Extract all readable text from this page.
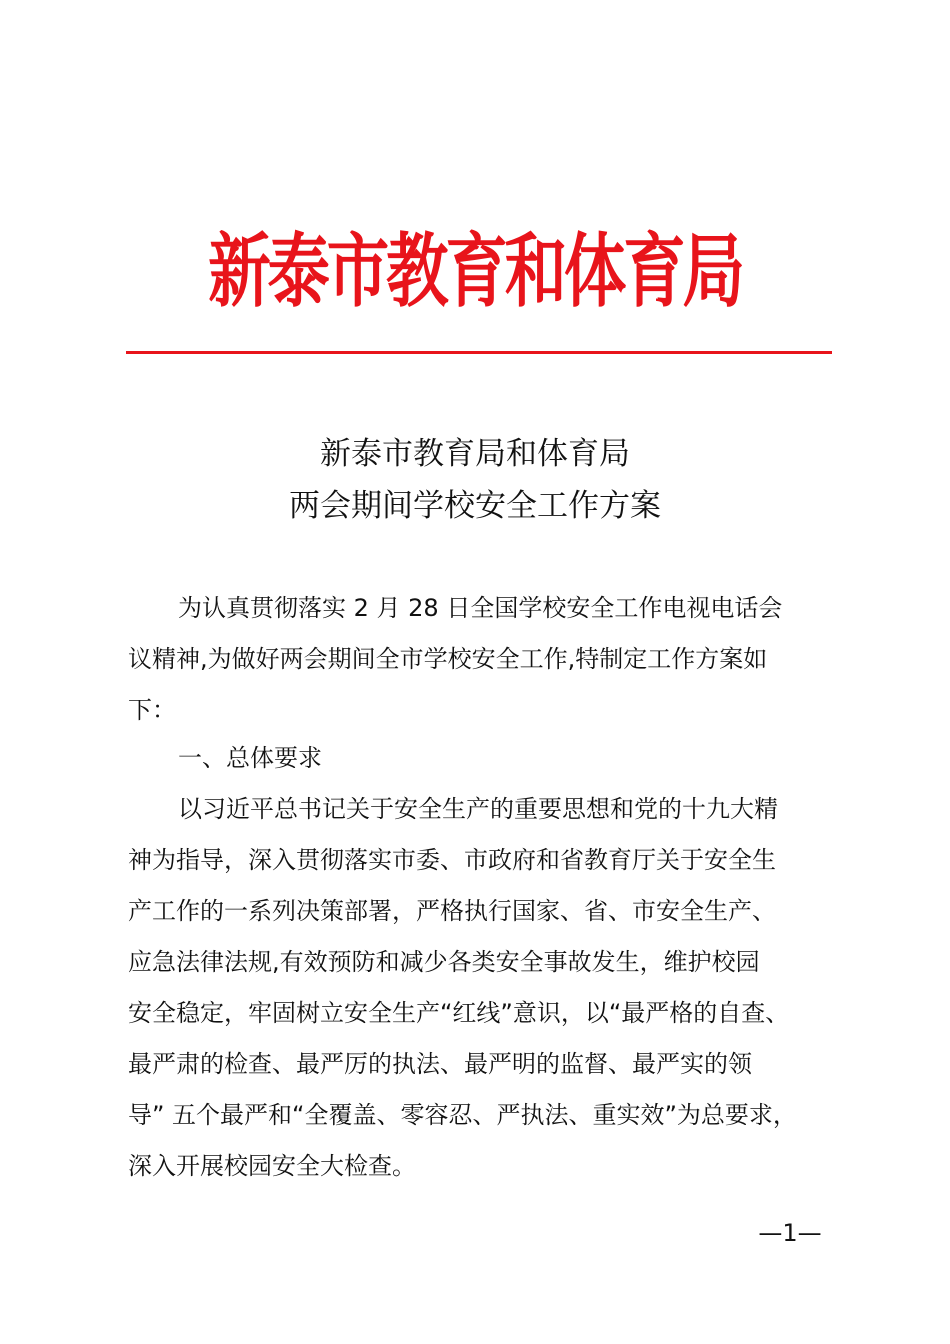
新泰市教育和体育局
新泰市教育局和体育局
两会期间学校安全工作方案
为认真贯彻落实 2 月 28 日全国学校安全工作电视电话会
议精神,为做好两会期间全市学校安全工作,特制定工作方案如
下：
一、总体要求
以习近平总书记关于安全生产的重要思想和党的十九大精
神为指导，深入贯彻落实市委、市政府和省教育厅关于安全生
产工作的一系列决策部署，严格执行国家、省、市安全生产、
应急法律法规,有效预防和减少各类安全事故发生，维护校园
安全稳定，牢固树立安全生产“红线”意识，以“最严格的自查、
最严肃的检查、最严厉的执法、最严明的监督、最严实的领
导” 五个最严和“全覆盖、零容忍、严执法、重实效”为总要求，
深入开展校园安全大检查。
—1—
